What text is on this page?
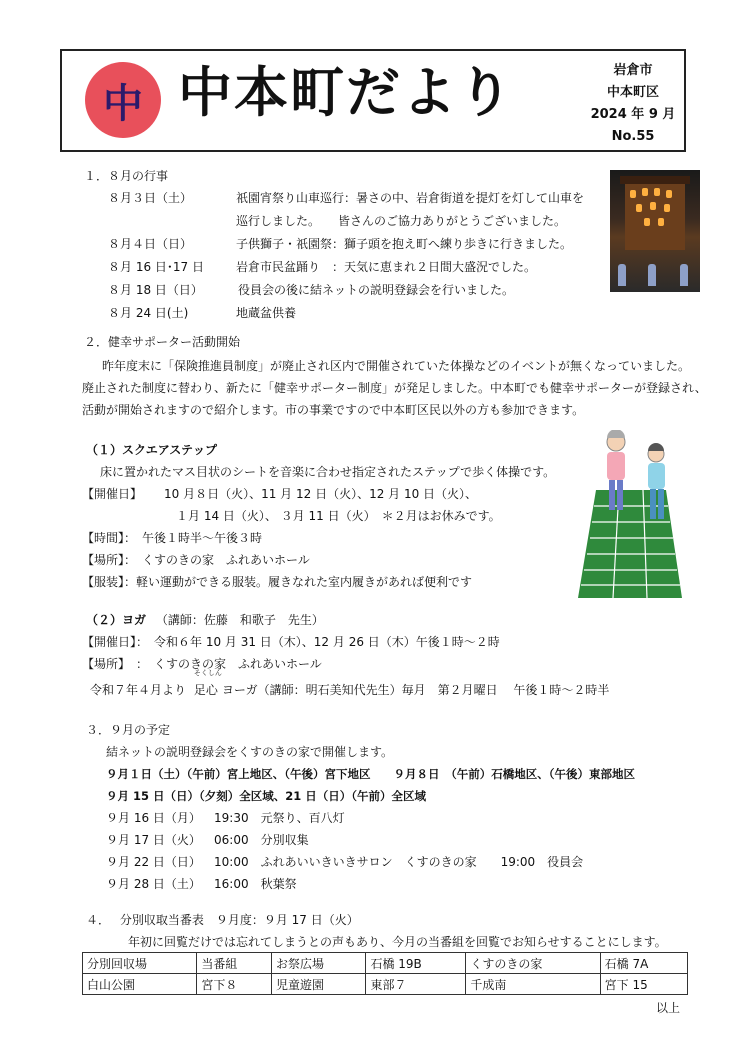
中 中本町だより	岩倉市
中本町区
2024 年 9 月
No.55
１．８月の行事
８月３日（土）	祇園宵祭り山車巡行：暑さの中、岩倉街道を提灯を灯して山車を
巡行しました。　　皆さんのご協力ありがとうございました。
８月４日（日）	子供獅子・祇園祭：獅子頭を抱え町へ練り歩きに行きました。
８月 16 日･17 日	岩倉市民盆踊り　：天気に恵まれ２日間大盛況でした。
８月 18 日（日）	役員会の後に結ネットの説明登録会を行いました。
８月 24 日(土)	地蔵盆供養
２．健幸サポーター活動開始
昨年度末に「保険推進員制度」が廃止され区内で開催されていた体操などのイベントが無くなっていました。
廃止された制度に替わり、新たに「健幸サポーター制度」が発足しました。中本町でも健幸サポーターが登録され、
活動が開始されますので紹介します。市の事業ですので中本町区民以外の方も参加できます。
（１）スクエアステップ
床に置かれたマス目状のシートを音楽に合わせ指定されたステップで歩く体操です。
【開催日】 10 月８日（火）、11 月 12 日（火）、12 月 10 日（火）、
１月 14 日（火）、 ３月 11 日（火）　＊２月はお休みです。
【時間】：　午後１時半～午後３時
【場所】：　くすのきの家　ふれあいホール
【服装】：軽い運動ができる服装。履きなれた室内履きがあれば便利です
（２）ヨガ （講師：佐藤　和歌子　先生）
【開催日】：　令和６年 10 月 31 日（木）、12 月 26 日（木）午後１時～２時
【場所】　：　くすのきの家　ふれあいホール
令和７年４月より
そくしん
足心 ヨーガ（講師：明石美知代先生）毎月　第２月曜日　 午後１時～２時半
３．９月の予定
結ネットの説明登録会をくすのきの家で開催します。
９月１日（土）（午前）宮上地区、（午後）宮下地区　　９月８日　（午前）石橋地区、（午後）東部地区
９月 15 日（日）（夕刻）全区域、21 日（日）（午前）全区域
９月 16 日（月） 19:30　元祭り、百八灯
９月 17 日（火） 06:00　分別収集
９月 22 日（日） 10:00　ふれあいいきいきサロン　くすのきの家　　19:00　役員会
９月 28 日（土） 16:00　秋葉祭
４．　 分別収取当番表　９月度：９月 17 日（火）
年初に回覧だけでは忘れてしまうとの声もあり、今月の当番組を回覧でお知らせすることにします。
分別回収場	当番組	お祭広場	石橋 19B	くすのきの家	石橋 7A
白山公園	宮下８	児童遊園	東部７	千成南	宮下 15
以上
